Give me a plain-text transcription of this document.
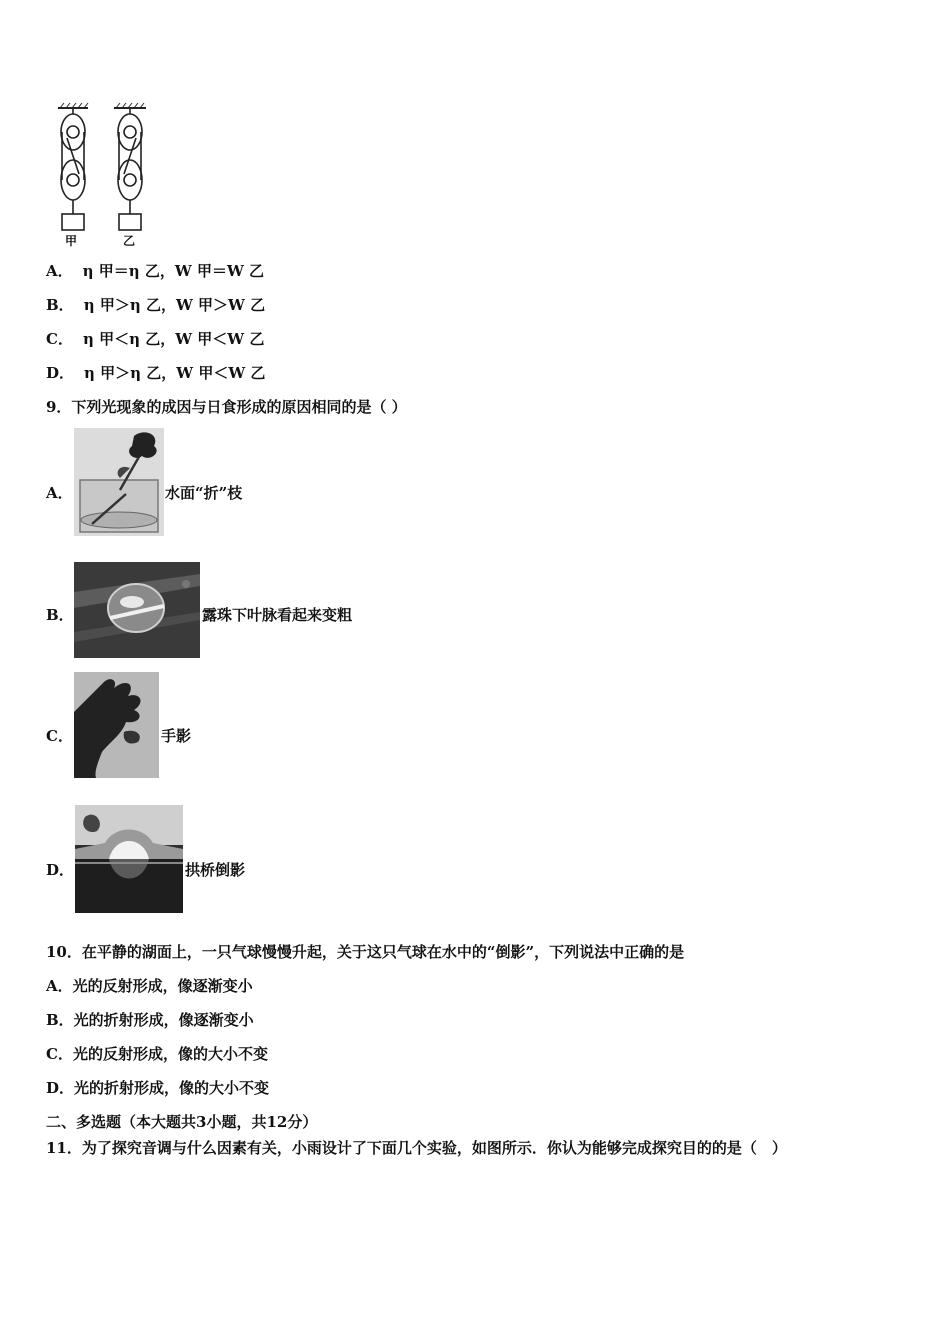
甲	乙
A． η 甲＝η 乙，W 甲＝W 乙
B． η 甲＞η 乙，W 甲＞W 乙
C． η 甲＜η 乙，W 甲＜W 乙
D． η 甲＞η 乙，W 甲＜W 乙
9．下列光现象的成因与日食形成的原因相同的是（ ）
A．	水面“折”枝
B．	露珠下叶脉看起来变粗
C．	手影
D．	拱桥倒影
10．在平静的湖面上，一只气球慢慢升起，关于这只气球在水中的“倒影”，下列说法中正确的是
A．光的反射形成，像逐渐变小
B．光的折射形成，像逐渐变小
C．光的反射形成，像的大小不变
D．光的折射形成，像的大小不变
二、多选题（本大题共3小题，共12分）
11．为了探究音调与什么因素有关，小雨设计了下面几个实验，如图所示．你认为能够完成探究目的的是（　）
